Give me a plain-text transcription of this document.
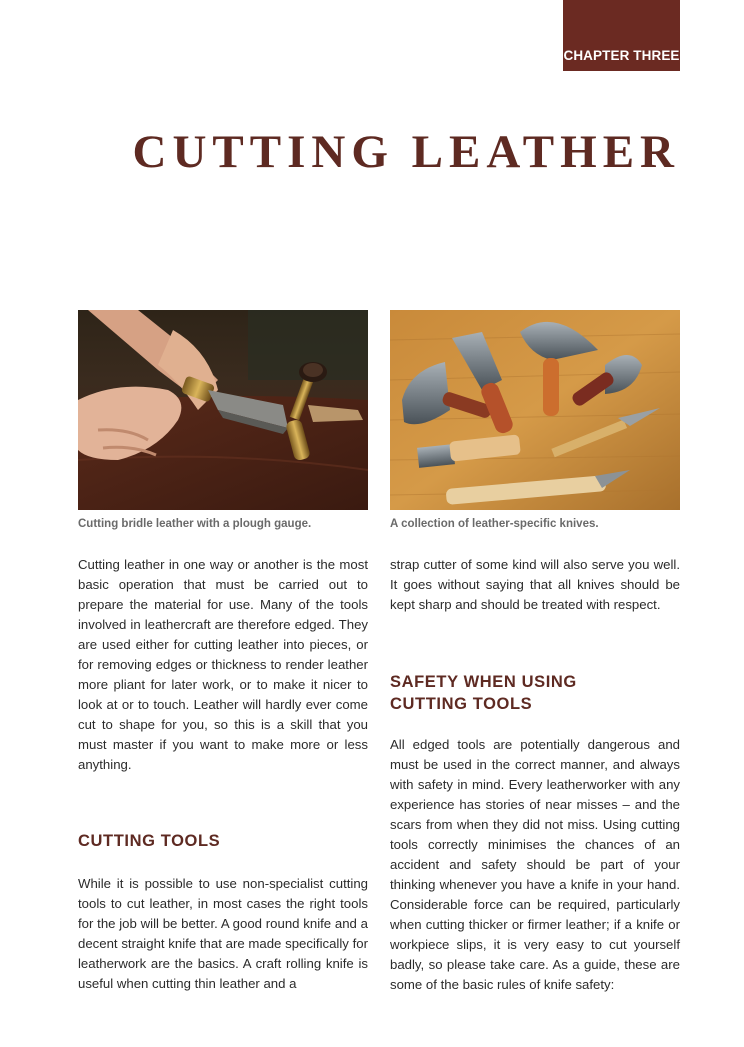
CHAPTER THREE
CUTTING LEATHER
Cutting bridle leather with a plough gauge.	A collection of leather-specific knives.

Cutting leather in one way or another is the most basic operation that must be carried out to prepare the material for use. Many of the tools involved in leathercraft are therefore edged. They are used either for cutting leather into pieces, or for removing edges or thickness to render leather more pliant for later work, or to make it nicer to look at or to touch. Leather will hardly ever come cut to shape for you, so this is a skill that you must master if you want to make more or less anything.

CUTTING TOOLS

While it is possible to use non-specialist cutting tools to cut leather, in most cases the right tools for the job will be better. A good round knife and a decent straight knife that are made specifically for leatherwork are the basics. A craft rolling knife is useful when cutting thin leather and a

strap cutter of some kind will also serve you well. It goes without saying that all knives should be kept sharp and should be treated with respect.

SAFETY WHEN USING CUTTING TOOLS

All edged tools are potentially dangerous and must be used in the correct manner, and always with safety in mind. Every leatherworker with any experience has stories of near misses – and the scars from when they did not miss. Using cutting tools correctly minimises the chances of an accident and safety should be part of your thinking whenever you have a knife in your hand. Considerable force can be required, particularly when cutting thicker or firmer leather; if a knife or workpiece slips, it is very easy to cut yourself badly, so please take care. As a guide, these are some of the basic rules of knife safety:
